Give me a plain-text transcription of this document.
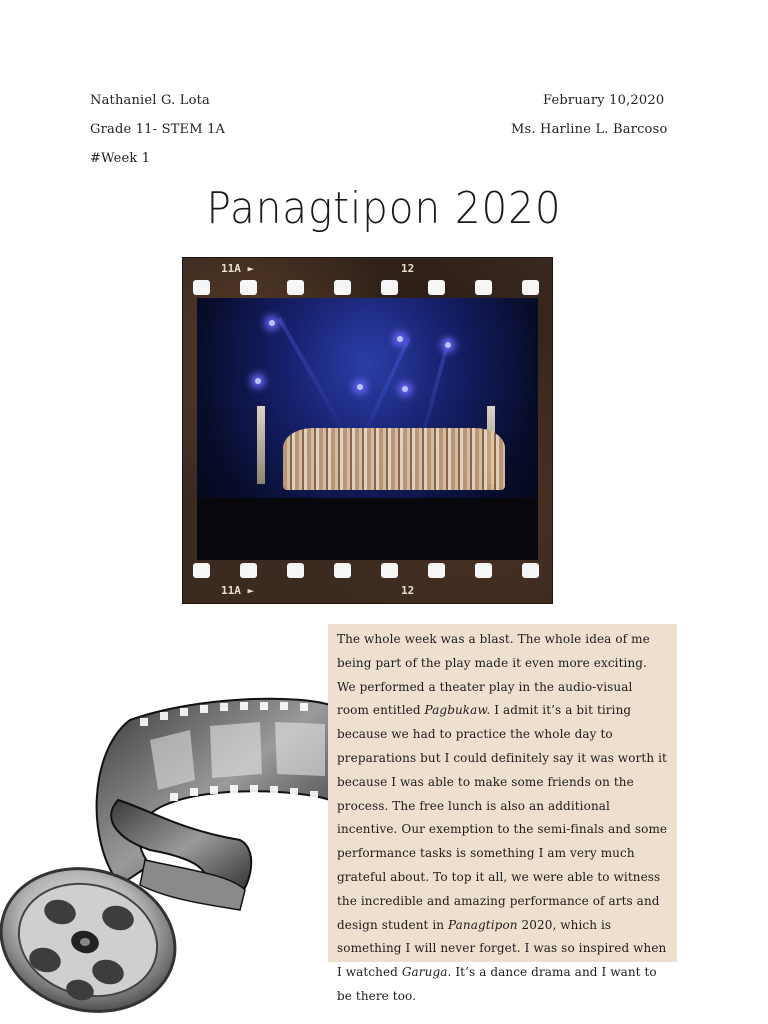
Nathaniel G. Lota	February 10,2020
Grade 11- STEM 1A	Ms. Harline L. Barcoso
#Week 1
Panagtipon 2020
11A ►	12
11A ►	12

The whole week was a blast. The whole idea of me being part of the play made it even more exciting. We performed a theater play in the audio-visual room entitled Pagbukaw. I admit it’s a bit tiring because we had to practice the whole day to preparations but I could definitely say it was worth it because I was able to make some friends on the process. The free lunch is also an additional incentive. Our exemption to the semi-finals and some performance tasks is something I am very much grateful about. To top it all, we were able to witness the incredible and amazing performance of arts and design student in Panagtipon 2020, which is something I will never forget. I was so inspired when I watched Garuga. It’s a dance drama and I want to be there too.
